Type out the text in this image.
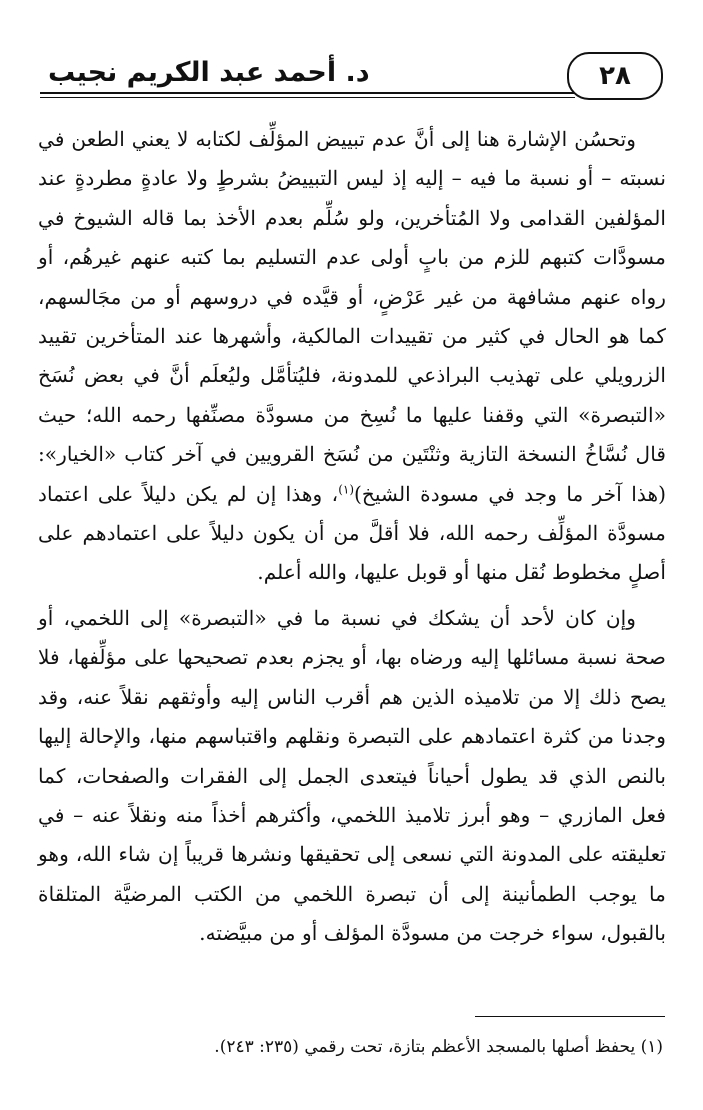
٢٨
د. أحمد عبد الكريم نجيب

وتحسُن الإشارة هنا إلى أنَّ عدم تبييض المؤلِّف لكتابه لا يعني الطعن في نسبته – أو نسبة ما فيه – إليه إذ ليس التبييضُ بشرطٍ ولا عادةٍ مطردةٍ عند المؤلفين القدامى ولا المُتأخرين، ولو سُلِّم بعدم الأخذ بما قاله الشيوخ في مسودَّات كتبهم للزم من بابٍ أولى عدم التسليم بما كتبه عنهم غيرهُم، أو رواه عنهم مشافهة من غير عَرْضٍ، أو قيَّده في دروسهم أو من مجَالسهم، كما هو الحال في كثير من تقييدات المالكية، وأشهرها عند المتأخرين تقييد الزرويلي على تهذيب البراذعي للمدونة، فليُتأمَّل وليُعلَم أنَّ في بعض نُسَخ «التبصرة» التي وقفنا عليها ما نُسِخ من مسودَّة مصنِّفها رحمه الله؛ حيث قال نُسَّاخُ النسخة التازية وثنْتَين من نُسَخ القرويين في آخر كتاب «الخيار»: (هذا آخر ما وجد في مسودة الشيخ)$^{(١)}$، وهذا إن لم يكن دليلاً على اعتماد مسودَّة المؤلِّف رحمه الله، فلا أقلَّ من أن يكون دليلاً على اعتمادهم على أصلٍ مخطوط نُقل منها أو قوبل عليها، والله أعلم.

وإن كان لأحد أن يشكك في نسبة ما في «التبصرة» إلى اللخمي، أو صحة نسبة مسائلها إليه ورضاه بها، أو يجزم بعدم تصحيحها على مؤلِّفها، فلا يصح ذلك إلا من تلاميذه الذين هم أقرب الناس إليه وأوثقهم نقلاً عنه، وقد وجدنا من كثرة اعتمادهم على التبصرة ونقلهم واقتباسهم منها، والإحالة إليها بالنص الذي قد يطول أحياناً فيتعدى الجمل إلى الفقرات والصفحات، كما فعل المازري – وهو أبرز تلاميذ اللخمي، وأكثرهم أخذاً منه ونقلاً عنه – في تعليقته على المدونة التي نسعى إلى تحقيقها ونشرها قريباً إن شاء الله، وهو ما يوجب الطمأنينة إلى أن تبصرة اللخمي من الكتب المرضيَّة المتلقاة بالقبول، سواء خرجت من مسودَّة المؤلف أو من مبيَّضته.

(١) يحفظ أصلها بالمسجد الأعظم بتازة، تحت رقمي (٢٣٥: ٢٤٣).
